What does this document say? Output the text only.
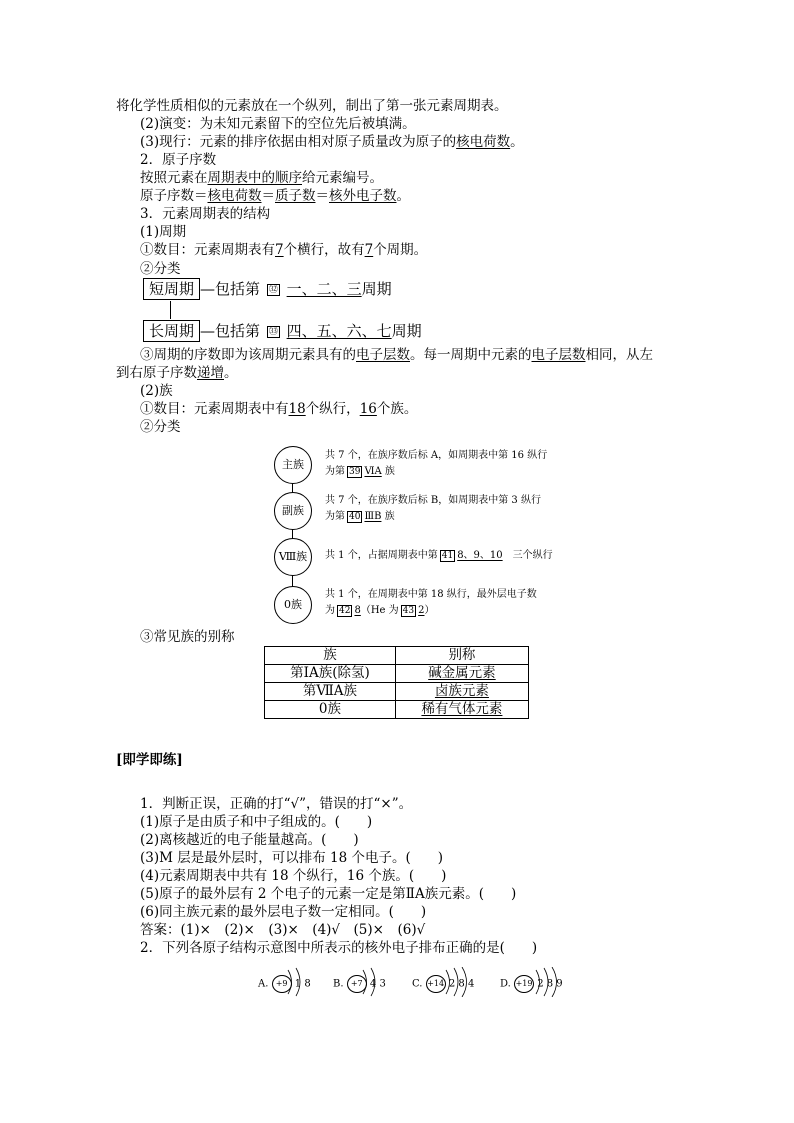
将化学性质相似的元素放在一个纵列，制出了第一张元素周期表。
(2)演变：为未知元素留下的空位先后被填满。
(3)现行：元素的排序依据由相对原子质量改为原子的核电荷数。
2．原子序数
按照元素在周期表中的顺序给元素编号。
原子序数＝核电荷数＝质子数＝核外电子数。
3．元素周期表的结构
(1)周期
①数目：元素周期表有7个横行，故有7个周期。
②分类
短周期 —包括第 ㉜ 一、二、三周期
长周期 —包括第 ㉝ 四、五、六、七周期
③周期的序数即为该周期元素具有的电子层数。每一周期中元素的电子层数相同，从左
到右原子序数递增。
(2)族
①数目：元素周期表中有18个纵行，16个族。
②分类
主族
共 7 个，在族序数后标 A，如周期表中第 16 纵行
为第 39 ⅥA 族
副族
共 7 个，在族序数后标 B，如周期表中第 3 纵行
为第 40 ⅢB 族
Ⅷ族	共 1 个，占据周期表中第 41 8、9、10　 三个纵行
0族
共 1 个，在周期表中第 18 纵行，最外层电子数
为 42 8（He 为 43 2）
③常见族的别称
族	别称
第ⅠA族(除氢)	碱金属元素
第ⅦA族	卤族元素
0族	稀有气体元素
[即学即练]
1．判断正误，正确的打“√”，错误的打“×”。
(1)原子是由质子和中子组成的。(　　)
(2)离核越近的电子能量越高。(　　)
(3)M 层是最外层时，可以排布 18 个电子。(　　)
(4)元素周期表中共有 18 个纵行，16 个族。(　　)
(5)原子的最外层有 2 个电子的元素一定是第ⅡA族元素。(　　)
(6)同主族元素的最外层电子数一定相同。(　　)
答案：(1)×　(2)×　(3)×　(4)√　(5)×　(6)√
2．下列各原子结构示意图中所表示的核外电子排布正确的是(　　)
A. +9 1 8 B. +7 4 3	C. +14 2 8 4	D. +19 2 8 9
